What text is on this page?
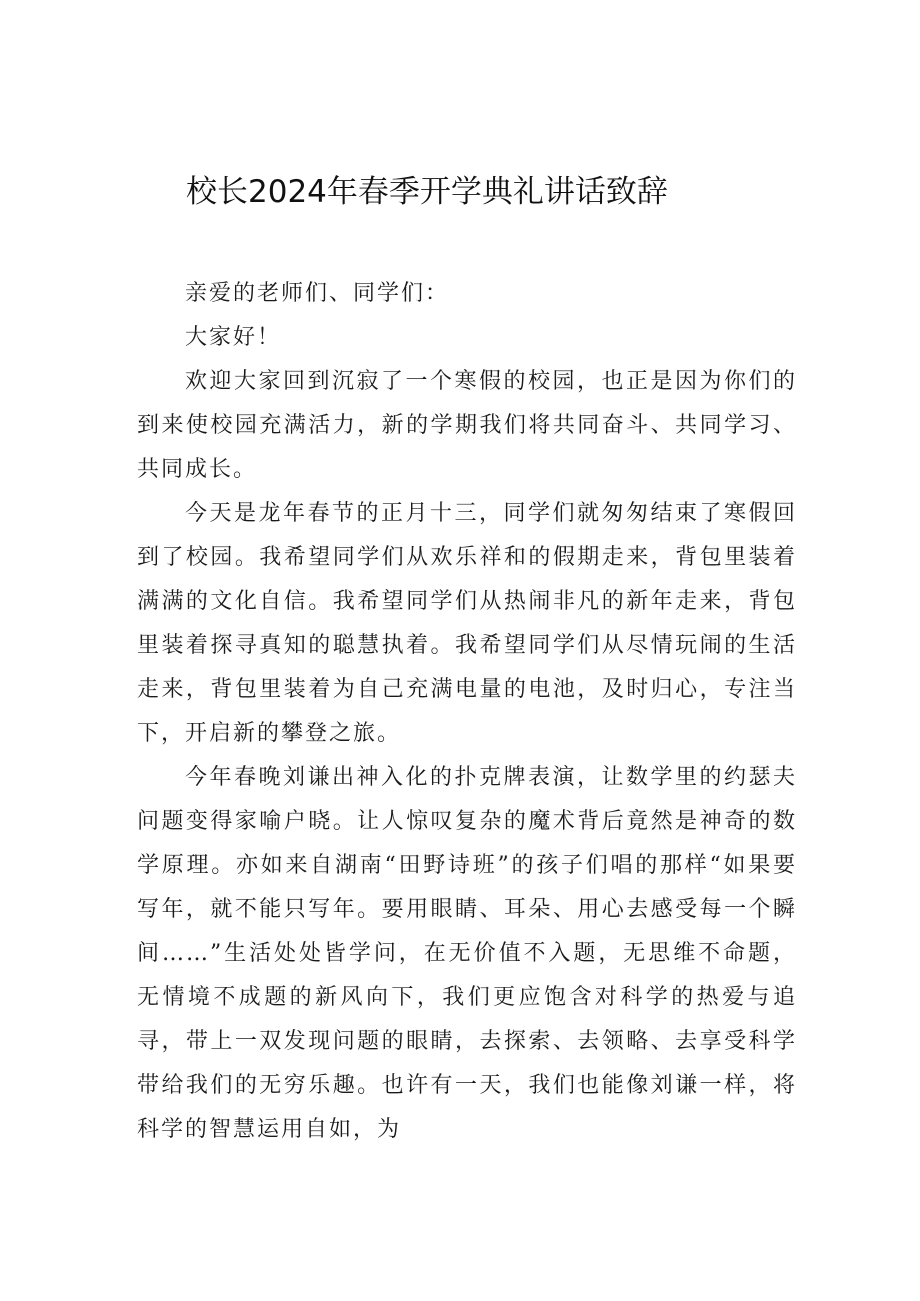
校长2024年春季开学典礼讲话致辞

亲爱的老师们、同学们：

大家好！

欢迎大家回到沉寂了一个寒假的校园，也正是因为你们的到来使校园充满活力，新的学期我们将共同奋斗、共同学习、共同成长。

今天是龙年春节的正月十三，同学们就匆匆结束了寒假回到了校园。我希望同学们从欢乐祥和的假期走来，背包里装着满满的文化自信。我希望同学们从热闹非凡的新年走来，背包里装着探寻真知的聪慧执着。我希望同学们从尽情玩闹的生活走来，背包里装着为自己充满电量的电池，及时归心，专注当下，开启新的攀登之旅。

今年春晚刘谦出神入化的扑克牌表演，让数学里的约瑟夫问题变得家喻户晓。让人惊叹复杂的魔术背后竟然是神奇的数学原理。亦如来自湖南“田野诗班”的孩子们唱的那样“如果要写年，就不能只写年。要用眼睛、耳朵、用心去感受每一个瞬间……”生活处处皆学问，在无价值不入题，无思维不命题，无情境不成题的新风向下，我们更应饱含对科学的热爱与追寻，带上一双发现问题的眼睛，去探索、去领略、去享受科学带给我们的无穷乐趣。也许有一天，我们也能像刘谦一样，将科学的智慧运用自如，为
